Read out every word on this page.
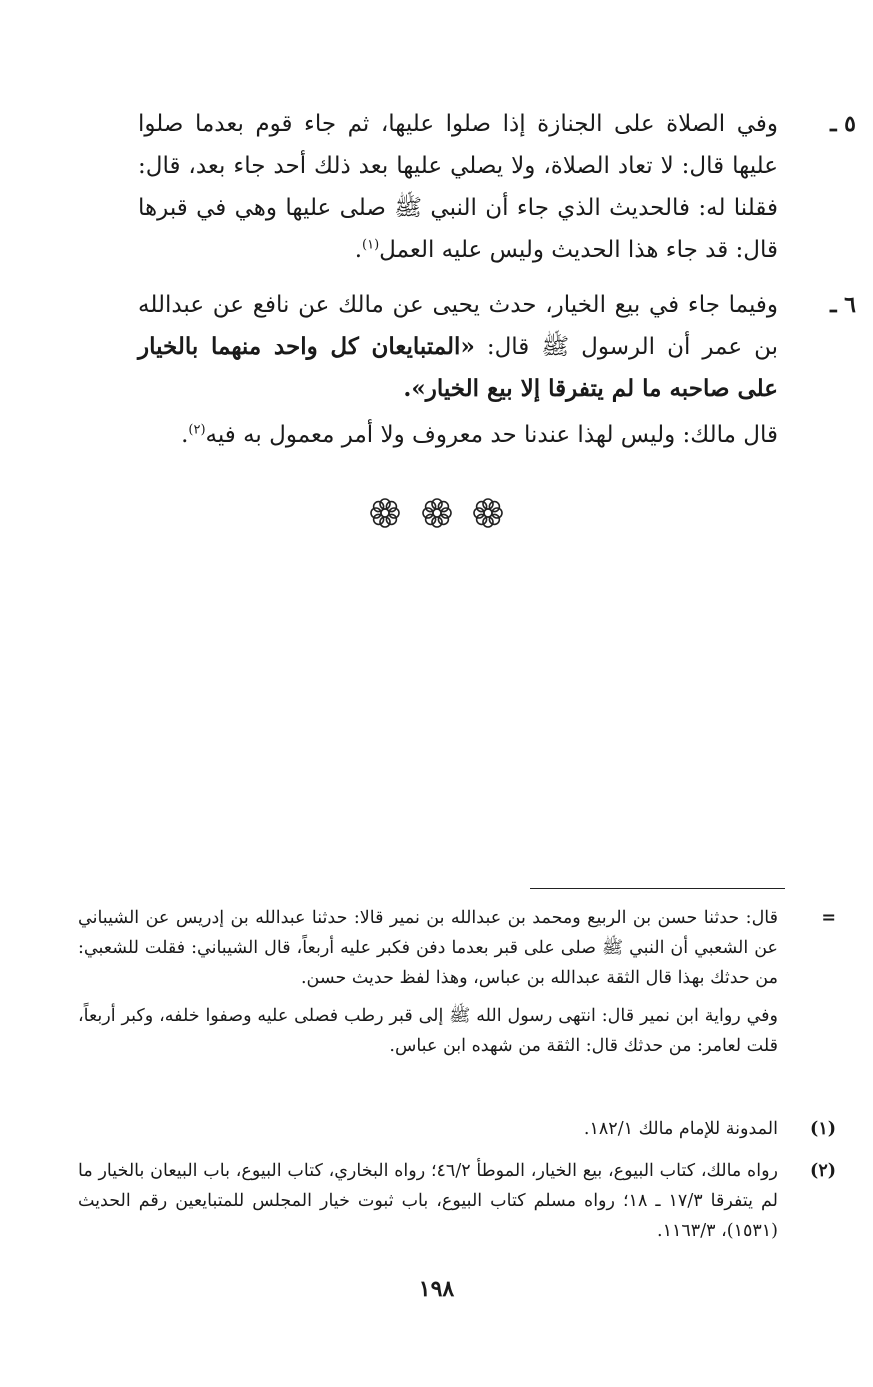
٥ ـ

وفي الصلاة على الجنازة إذا صلوا عليها، ثم جاء قوم بعدما صلوا عليها قال: لا تعاد الصلاة، ولا يصلي عليها بعد ذلك أحد جاء بعد، قال: فقلنا له: فالحديث الذي جاء أن النبي ﷺ صلى عليها وهي في قبرها قال: قد جاء هذا الحديث وليس عليه العمل$^{(١)}$.

٦ ـ

وفيما جاء في بيع الخيار، حدث يحيى عن مالك عن نافع عن عبدالله بن عمر أن الرسول ﷺ قال: «المتبايعان كل واحد منهما بالخيار على صاحبه ما لم يتفرقا إلا بيع الخيار».

قال مالك: وليس لهذا عندنا حد معروف ولا أمر معمول به فيه$^{(٢)}$.

=

قال: حدثنا حسن بن الربيع ومحمد بن عبدالله بن نمير قالا: حدثنا عبدالله بن إدريس عن الشيباني عن الشعبي أن النبي ﷺ صلى على قبر بعدما دفن فكبر عليه أربعاً، قال الشيباني: فقلت للشعبي: من حدثك بهذا قال الثقة عبدالله بن عباس، وهذا لفظ حديث حسن.

وفي رواية ابن نمير قال: انتهى رسول الله ﷺ إلى قبر رطب فصلى عليه وصفوا خلفه، وكبر أربعاً، قلت لعامر: من حدثك قال: الثقة من شهده ابن عباس.

(١)

المدونة للإمام مالك ١٨٢/١.

(٢)

رواه مالك، كتاب البيوع، بيع الخيار، الموطأ ٤٦/٢؛ رواه البخاري، كتاب البيوع، باب البيعان بالخيار ما لم يتفرقا ١٧/٣ ـ ١٨؛ رواه مسلم كتاب البيوع، باب ثبوت خيار المجلس للمتبايعين رقم الحديث (١٥٣١)، ١١٦٣/٣.

١٩٨
